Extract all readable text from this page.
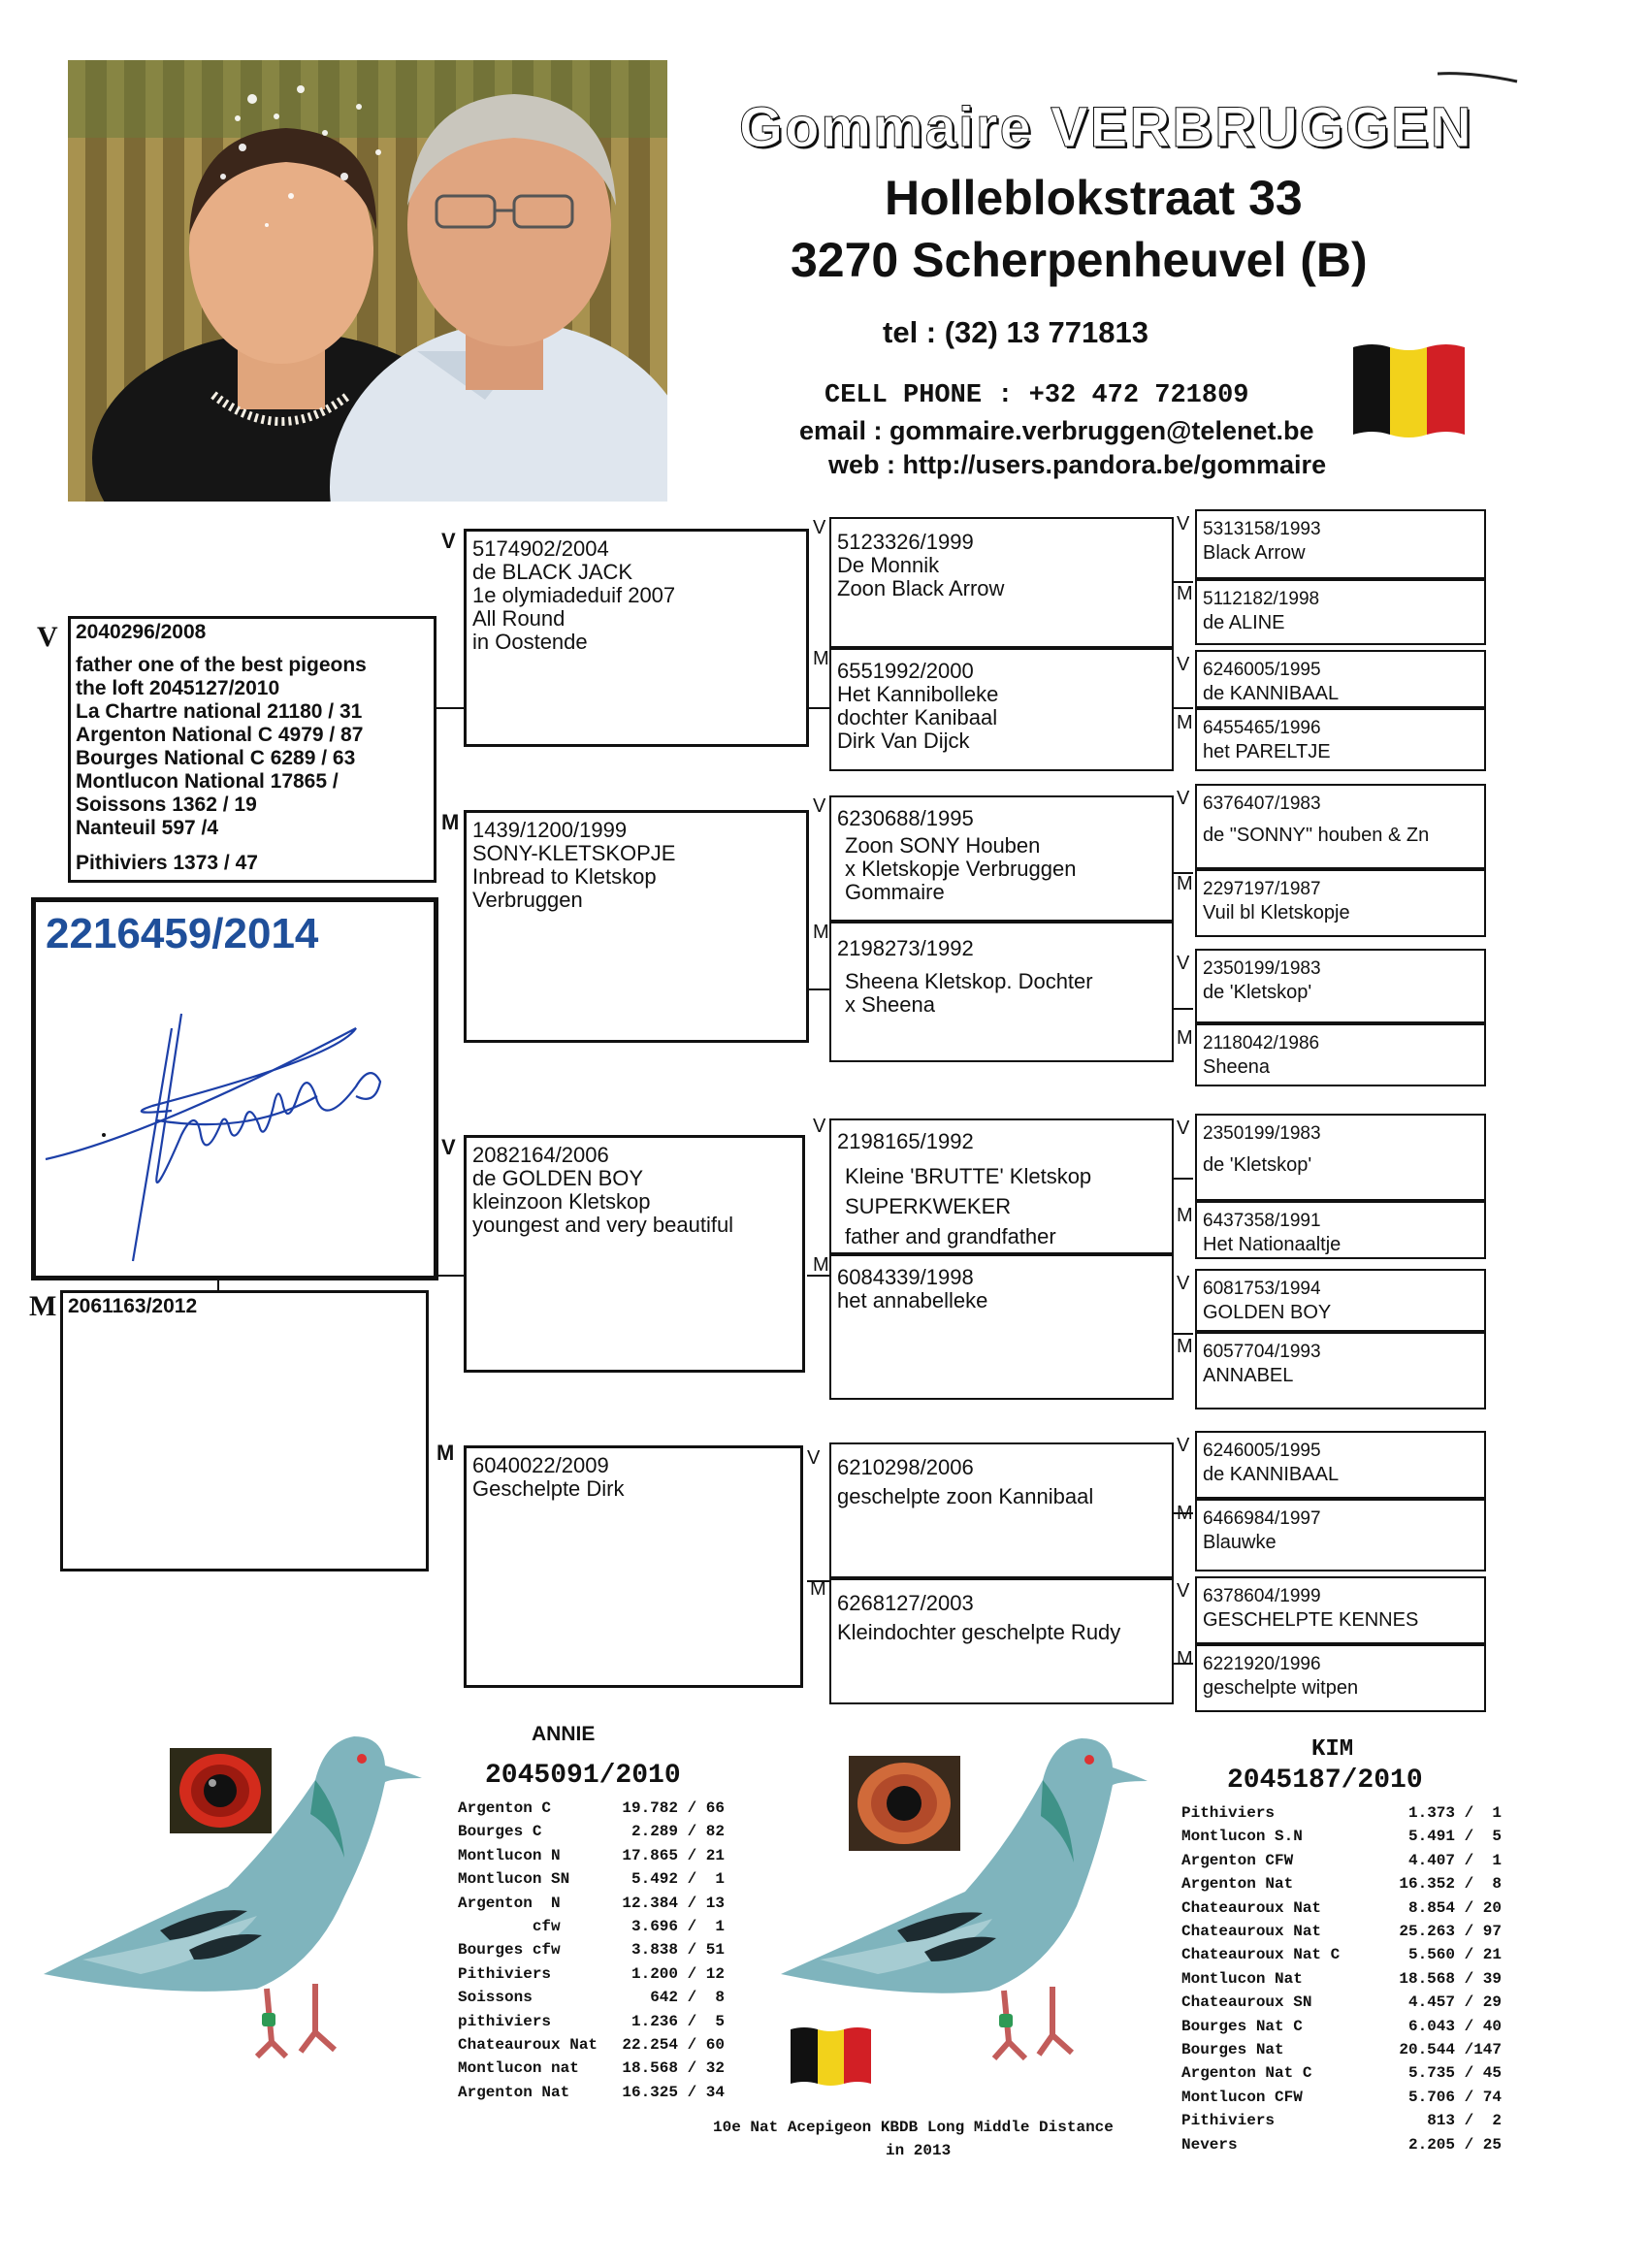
Gommaire VERBRUGGEN
Holleblokstraat 33
3270 Scherpenheuvel (B)
tel : (32) 13 771813
CELL PHONE : +32 472 721809
email : gommaire.verbruggen@telenet.be
web : http://users.pandora.be/gommaire
V 2040296/2008
father one of the best pigeons
the loft 2045127/2010
La Chartre national 21180 / 31
Argenton National C 4979 / 87
Bourges National C 6289 / 63
Montlucon National 17865 /
Soissons 1362 / 19
Nanteuil 597 /4
Pithiviers 1373 / 47
2216459/2014
M 2061163/2012
V 5174902/2004
de BLACK JACK
1e olymiadeduif 2007
All Round
in Oostende
M 1439/1200/1999
SONY-KLETSKOPJE
Inbread to Kletskop
Verbruggen
V 2082164/2006
de GOLDEN BOY
kleinzoon Kletskop
youngest and very beautiful
M
6040022/2009
Geschelpte Dirk
V
5123326/1999
De Monnik
Zoon Black Arrow
M 6551992/2000
Het Kannibolleke
dochter Kanibaal
Dirk Van Dijck
V 6230688/1995
Zoon SONY Houben
x Kletskopje Verbruggen
Gommaire
M
2198273/1992
Sheena Kletskop. Dochter
x Sheena
V
2198165/1992
Kleine 'BRUTTE' Kletskop
SUPERKWEKER
father and grandfather
M 6084339/1998
het annabelleke
V 6210298/2006
geschelpte zoon Kannibaal
M
6268127/2003
Kleindochter geschelpte Rudy
V 5313158/1993
Black Arrow
M 5112182/1998
de ALINE
V 6246005/1995
de KANNIBAAL
M 6455465/1996
het PARELTJE
V 6376407/1983
de "SONNY" houben & Zn
M 2297197/1987
Vuil bl Kletskopje
V 2350199/1983
de 'Kletskop'
M 2118042/1986
Sheena
V 2350199/1983
de 'Kletskop'
M 6437358/1991
Het Nationaaltje
V 6081753/1994
GOLDEN BOY
M 6057704/1993
ANNABEL
V 6246005/1995
de KANNIBAAL
M 6466984/1997
Blauwke
V 6378604/1999
GESCHELPTE KENNES
M 6221920/1996
geschelpte witpen
ANNIE
2045091/2010
Argenton C	19.782 / 66
Bourges C	2.289 / 82
Montlucon N	17.865 / 21
Montlucon SN	5.492 /  1
Argenton  N	12.384 / 13
cfw	3.696 /  1
Bourges cfw	3.838 / 51
Pithiviers	1.200 / 12
Soissons	642 /  8
pithiviers	1.236 /  5
Chateauroux Nat 22.254 / 60
Montlucon nat	18.568 / 32
Argenton Nat	16.325 / 34
KIM
2045187/2010
Pithiviers	1.373 /  1
Montlucon S.N	5.491 /  5
Argenton CFW	4.407 /  1
Argenton Nat	16.352 /  8
Chateauroux Nat	8.854 / 20
Chateauroux Nat	25.263 / 97
Chateauroux Nat C	5.560 / 21
Montlucon Nat	18.568 / 39
Chateauroux SN	4.457 / 29
Bourges Nat C	6.043 / 40
Bourges Nat	20.544 /147
Argenton Nat C	5.735 / 45
Montlucon CFW	5.706 / 74
Pithiviers	813 /  2
Nevers	2.205 / 25
10e Nat Acepigeon KBDB Long Middle Distance
in 2013
